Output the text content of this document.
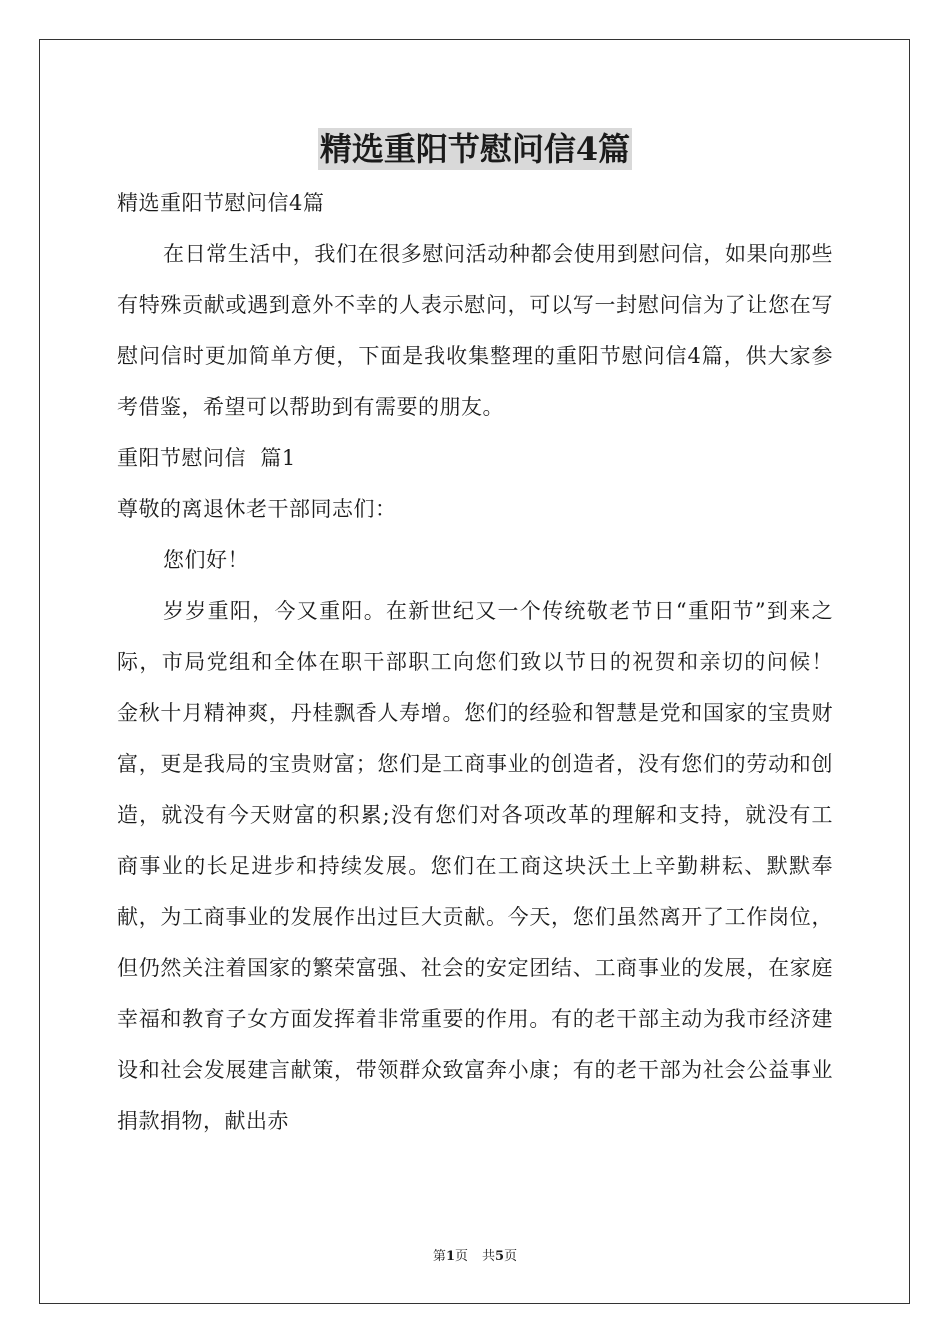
精选重阳节慰问信4篇

精选重阳节慰问信4篇

在日常生活中，我们在很多慰问活动种都会使用到慰问信，如果向那些有特殊贡献或遇到意外不幸的人表示慰问，可以写一封慰问信为了让您在写慰问信时更加简单方便，下面是我收集整理的重阳节慰问信4篇，供大家参考借鉴，希望可以帮助到有需要的朋友。

重阳节慰问信  篇1

尊敬的离退休老干部同志们：

您们好！

岁岁重阳，今又重阳。在新世纪又一个传统敬老节日“重阳节”到来之际，市局党组和全体在职干部职工向您们致以节日的祝贺和亲切的问候！ 金秋十月精神爽，丹桂飘香人寿增。您们的经验和智慧是党和国家的宝贵财富，更是我局的宝贵财富；您们是工商事业的创造者，没有您们的劳动和创造，就没有今天财富的积累;没有您们对各项改革的理解和支持，就没有工商事业的长足进步和持续发展。您们在工商这块沃土上辛勤耕耘、默默奉献，为工商事业的发展作出过巨大贡献。今天，您们虽然离开了工作岗位，但仍然关注着国家的繁荣富强、社会的安定团结、工商事业的发展，在家庭幸福和教育子女方面发挥着非常重要的作用。有的老干部主动为我市经济建设和社会发展建言献策，带领群众致富奔小康；有的老干部为社会公益事业捐款捐物，献出赤

第1页 共5页
